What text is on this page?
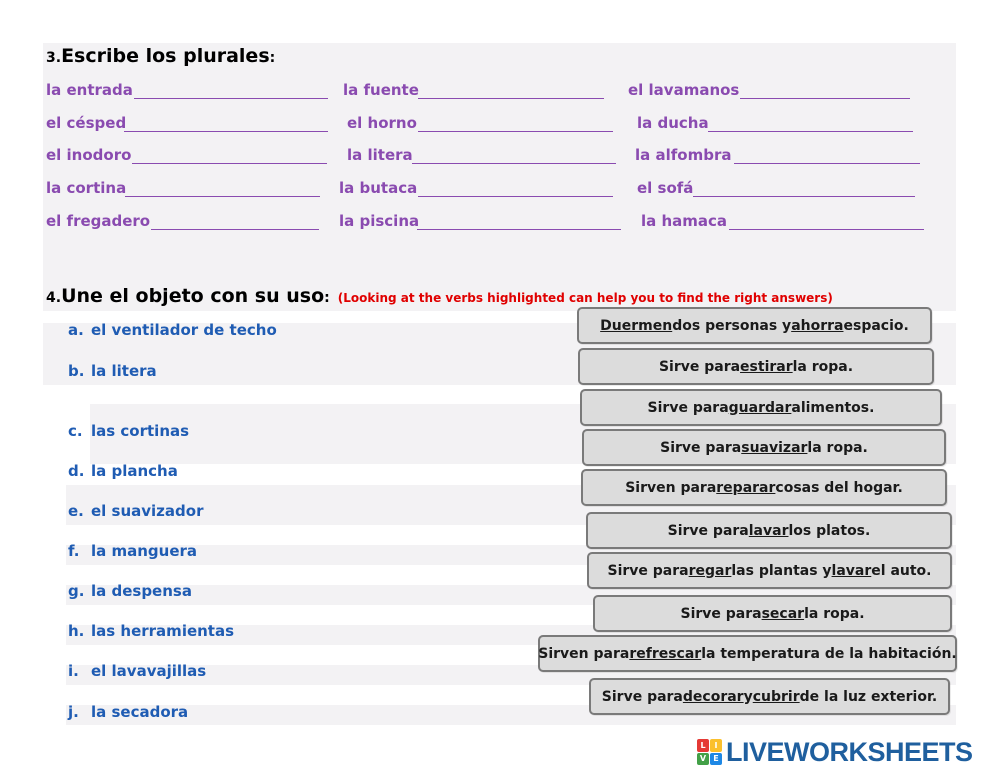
3.Escribe los plurales:
la entrada	la fuente	el lavamanos
el césped	el horno	la ducha
el inodoro	la litera	la alfombra
la cortina	la butaca	el sofá
el fregadero	la piscina	la hamaca
4.Une el objeto con su uso: (Looking at the verbs highlighted can help you to find the right answers)
a. el ventilador de techo
b. la litera
c. las cortinas
d. la plancha
e. el suavizador
f. la manguera
g. la despensa
h. las herramientas
i. el lavavajillas
j. la secadora
Duermen dos personas y ahorra espacio.
Sirve para estirar la ropa.
Sirve para guardar alimentos.
Sirve para suavizar la ropa.
Sirven para reparar cosas del hogar.
Sirve para lavar los platos.
Sirve para regar las plantas y lavar el auto.
Sirve para secar la ropa.
Sirven para refrescar la temperatura de la habitación.
Sirve para decorar y cubrir de la luz exterior.
L	I
V E LIVEWORKSHEETS
